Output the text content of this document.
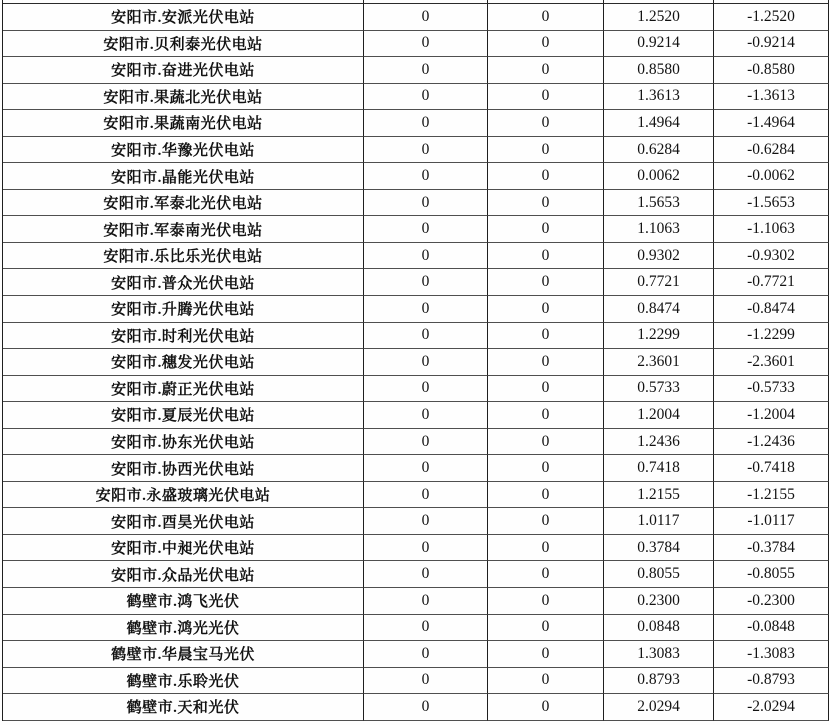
安阳市.安派光伏电站	0	0	1.2520	-1.2520
安阳市.贝利泰光伏电站	0	0	0.9214	-0.9214
安阳市.奋进光伏电站	0	0	0.8580	-0.8580
安阳市.果蔬北光伏电站	0	0	1.3613	-1.3613
安阳市.果蔬南光伏电站	0	0	1.4964	-1.4964
安阳市.华豫光伏电站	0	0	0.6284	-0.6284
安阳市.晶能光伏电站	0	0	0.0062	-0.0062
安阳市.军泰北光伏电站	0	0	1.5653	-1.5653
安阳市.军泰南光伏电站	0	0	1.1063	-1.1063
安阳市.乐比乐光伏电站	0	0	0.9302	-0.9302
安阳市.普众光伏电站	0	0	0.7721	-0.7721
安阳市.升腾光伏电站	0	0	0.8474	-0.8474
安阳市.时利光伏电站	0	0	1.2299	-1.2299
安阳市.穗发光伏电站	0	0	2.3601	-2.3601
安阳市.蔚正光伏电站	0	0	0.5733	-0.5733
安阳市.夏辰光伏电站	0	0	1.2004	-1.2004
安阳市.协东光伏电站	0	0	1.2436	-1.2436
安阳市.协西光伏电站	0	0	0.7418	-0.7418
安阳市.永盛玻璃光伏电站	0	0	1.2155	-1.2155
安阳市.酉昊光伏电站	0	0	1.0117	-1.0117
安阳市.中昶光伏电站	0	0	0.3784	-0.3784
安阳市.众品光伏电站	0	0	0.8055	-0.8055
鹤壁市.鸿飞光伏	0	0	0.2300	-0.2300
鹤壁市.鸿光光伏	0	0	0.0848	-0.0848
鹤壁市.华晨宝马光伏	0	0	1.3083	-1.3083
鹤壁市.乐聆光伏	0	0	0.8793	-0.8793
鹤壁市.天和光伏	0	0	2.0294	-2.0294
